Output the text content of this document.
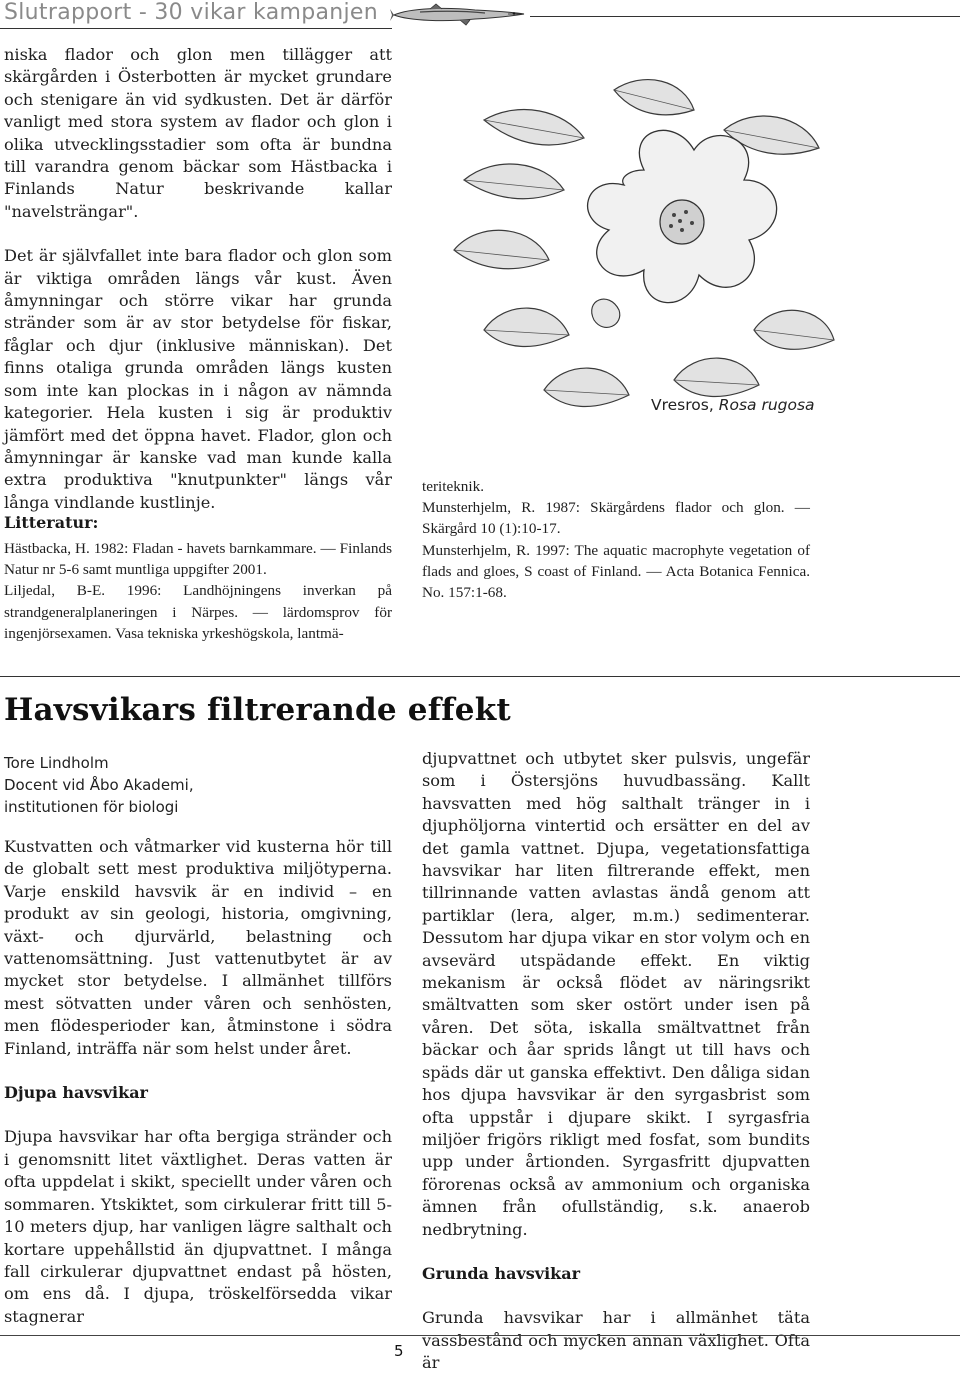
Slutrapport - 30 vikar kampanjen

niska flador och glon men tillägger att skärgården i Österbotten är mycket grundare och stenigare än vid sydkusten. Det är därför vanligt med stora system av flador och glon i olika utvecklingsstadier som ofta är bundna till varandra genom bäckar som Hästbacka i Finlands Natur beskrivande kallar "navelsträngar".

Det är självfallet inte bara flador och glon som är viktiga områden längs vår kust. Även åmynningar och större vikar har grunda stränder som är av stor betydelse för fiskar, fåglar och djur (inklusive människan). Det finns otaliga grunda områden längs kusten som inte kan plockas in i någon av nämnda kategorier. Hela kusten i sig är produktiv jämfört med det öppna havet. Flador, glon och åmynningar är kanske vad man kunde kalla extra produktiva "knutpunkter" längs vår långa vindlande kustlinje.

Litteratur:

Hästbacka, H. 1982: Fladan - havets barnkammare. — Finlands Natur nr 5-6 samt muntliga uppgifter 2001.

Liljedal, B-E. 1996: Landhöjningens inverkan på strandgeneralplaneringen i Närpes. — lärdomsprov för ingenjörsexamen. Vasa tekniska yrkeshögskola, lantmä-

Vresros, Rosa rugosa

teriteknik.

Munsterhjelm, R. 1987: Skärgårdens flador och glon. — Skärgård 10 (1):10-17.

Munsterhjelm, R. 1997: The aquatic macrophyte vegetation of flads and gloes, S coast of Finland. — Acta Botanica Fennica. No. 157:1-68.

Havsvikars filtrerande effekt
Tore Lindholm
Docent vid Åbo Akademi,
institutionen för biologi

Kustvatten och våtmarker vid kusterna hör till de globalt sett mest produktiva miljötyperna. Varje enskild havsvik är en individ – en produkt av sin geologi, historia, omgivning, växt- och djurvärld, belastning och vattenomsättning. Just vattenutbytet är av mycket stor betydelse. I allmänhet tillförs mest sötvatten under våren och senhösten, men flödesperioder kan, åtminstone i södra Finland, inträffa när som helst under året.

Djupa havsvikar

Djupa havsvikar har ofta bergiga stränder och i genomsnitt litet växtlighet. Deras vatten är ofta uppdelat i skikt, speciellt under våren och sommaren. Ytskiktet, som cirkulerar fritt till 5-10 meters djup, har vanligen lägre salthalt och kortare uppehållstid än djupvattnet. I många fall cirkulerar djupvattnet endast på hösten, om ens då. I djupa, tröskelförsedda vikar stagnerar

djupvattnet och utbytet sker pulsvis, ungefär som i Östersjöns huvudbassäng. Kallt havsvatten med hög salthalt tränger in i djuphöljorna vintertid och ersätter en del av det gamla vattnet. Djupa, vegetationsfattiga havsvikar har liten filtrerande effekt, men tillrinnande vatten avlastas ändå genom att partiklar (lera, alger, m.m.) sedimenterar. Dessutom har djupa vikar en stor volym och en avsevärd utspädande effekt. En viktig mekanism är också flödet av näringsrikt smältvatten som sker ostört under isen på våren. Det söta, iskalla smältvattnet från bäckar och åar sprids långt ut till havs och späds där ut ganska effektivt. Den dåliga sidan hos djupa havsvikar är den syrgasbrist som ofta uppstår i djupare skikt. I syrgasfria miljöer frigörs rikligt med fosfat, som bundits upp under årtionden. Syrgasfritt djupvatten förorenas också av ammonium och organiska ämnen från ofullständig, s.k. anaerob nedbrytning.

Grunda havsvikar

Grunda havsvikar har i allmänhet täta vassbestånd och mycken annan växlighet. Ofta är

5
